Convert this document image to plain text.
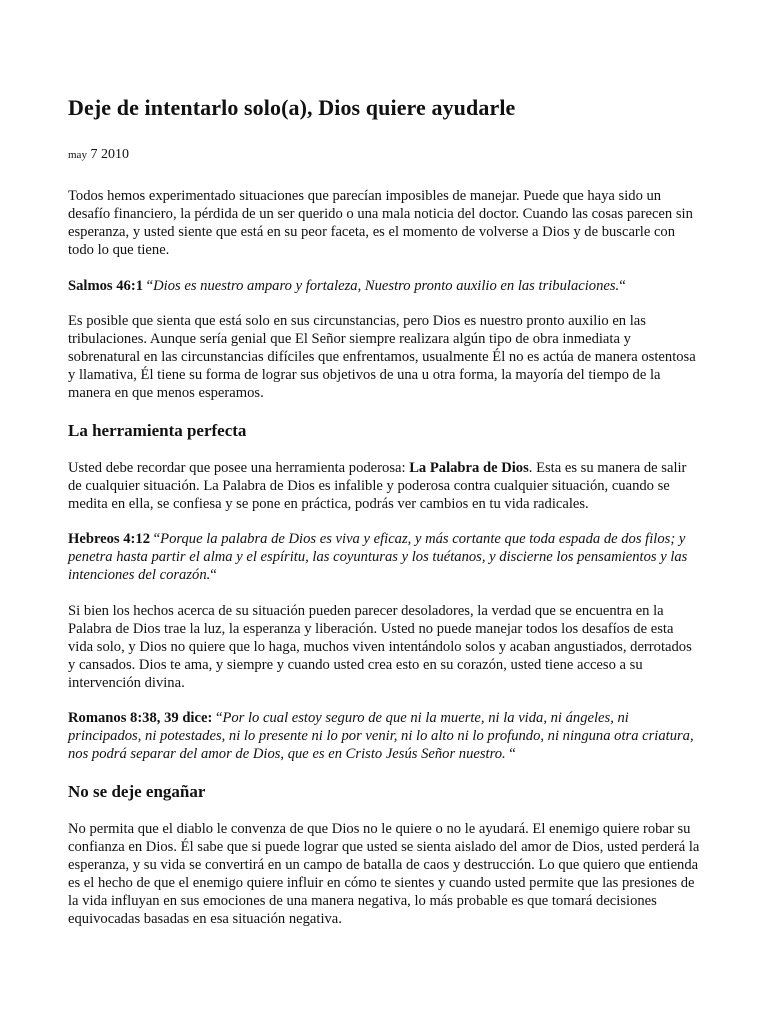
Deje de intentarlo solo(a), Dios quiere ayudarle
may 7 2010

Todos hemos experimentado situaciones que parecían imposibles de manejar. Puede que haya sido un desafío financiero, la pérdida de un ser querido o una mala noticia del doctor. Cuando las cosas parecen sin esperanza, y usted siente que está en su peor faceta, es el momento de volverse a Dios y de buscarle con todo lo que tiene.

Salmos 46:1 “Dios es nuestro amparo y fortaleza, Nuestro pronto auxilio en las tribulaciones.“

Es posible que sienta que está solo en sus circunstancias, pero Dios es nuestro pronto auxilio en las tribulaciones. Aunque sería genial que El Señor siempre realizara algún tipo de obra inmediata y sobrenatural en las circunstancias difíciles que enfrentamos, usualmente Él no es actúa de manera ostentosa y llamativa, Él tiene su forma de lograr sus objetivos de una u otra forma, la mayoría del tiempo de la manera en que menos esperamos.

La herramienta perfecta

Usted debe recordar que posee una herramienta poderosa: La Palabra de Dios. Esta es su manera de salir de cualquier situación. La Palabra de Dios es infalible y poderosa contra cualquier situación, cuando se medita en ella, se confiesa y se pone en práctica, podrás ver cambios en tu vida radicales.

Hebreos 4:12 “Porque la palabra de Dios es viva y eficaz, y más cortante que toda espada de dos filos; y penetra hasta partir el alma y el espíritu, las coyunturas y los tuétanos, y discierne los pensamientos y las intenciones del corazón.“

Si bien los hechos acerca de su situación pueden parecer desoladores, la verdad que se encuentra en la Palabra de Dios trae la luz, la esperanza y liberación. Usted no puede manejar todos los desafíos de esta vida solo, y Dios no quiere que lo haga, muchos viven intentándolo solos y acaban angustiados, derrotados y cansados. Dios te ama, y siempre y cuando usted crea esto en su corazón, usted tiene acceso a su intervención divina.

Romanos 8:38, 39 dice: “Por lo cual estoy seguro de que ni la muerte, ni la vida, ni ángeles, ni principados, ni potestades, ni lo presente ni lo por venir, ni lo alto ni lo profundo, ni ninguna otra criatura, nos podrá separar del amor de Dios, que es en Cristo Jesús Señor nuestro. “

No se deje engañar

No permita que el diablo le convenza de que Dios no le quiere o no le ayudará. El enemigo quiere robar su confianza en Dios. Él sabe que si puede lograr que usted se sienta aislado del amor de Dios, usted perderá la esperanza, y su vida se convertirá en un campo de batalla de caos y destrucción. Lo que quiero que entienda es el hecho de que el enemigo quiere influir en cómo te sientes y cuando usted permite que las presiones de la vida influyan en sus emociones de una manera negativa, lo más probable es que tomará decisiones equivocadas basadas en esa situación negativa.
